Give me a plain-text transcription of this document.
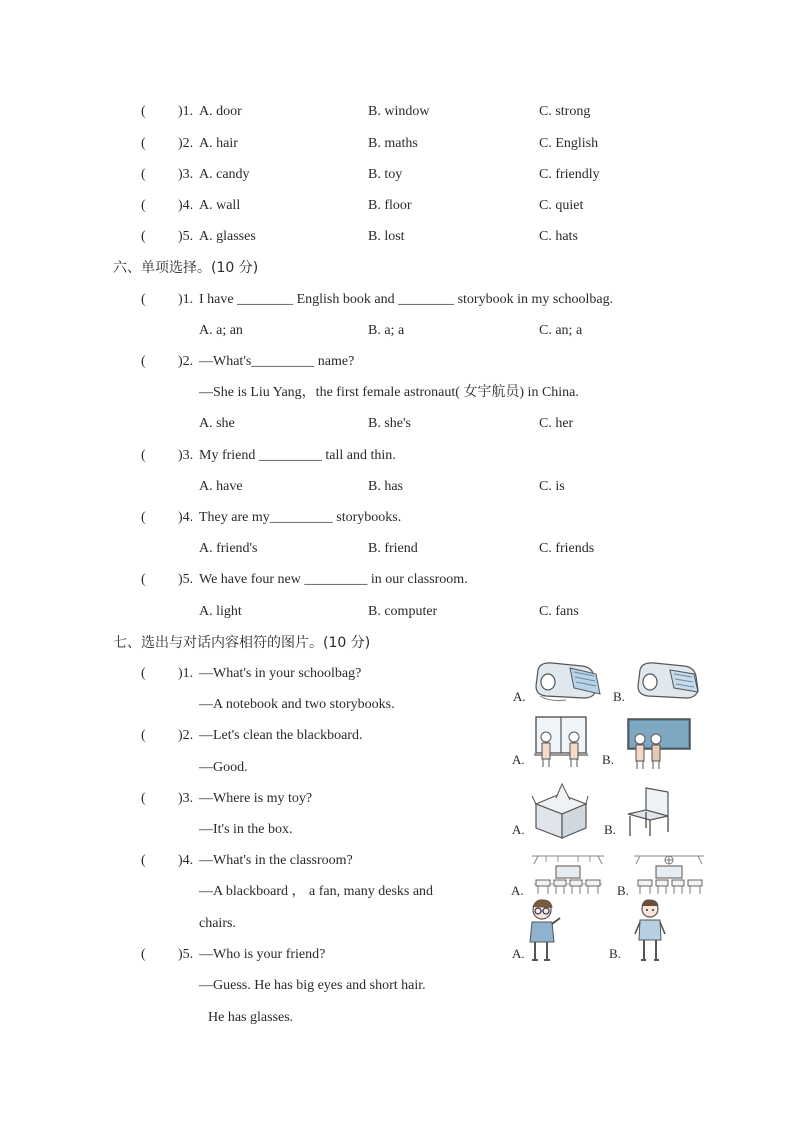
( )1. A. door	B. window	C. strong
( )2. A. hair	B. maths	C. English
( )3. A. candy	B. toy	C. friendly
( )4. A. wall	B. floor	C. quiet
( )5. A. glasses	B. lost	C. hats
六、单项选择。(10 分)
( )1. I have ________ English book and ________ storybook in my schoolbag.
A. a; an	B. a; a	C. an; a
( )2. —What's_________ name?
—She is Liu Yang，the first female astronaut( 女宇航员) in China.
A. she	B. she's	C. her
( )3. My friend _________ tall and thin.
A. have	B. has	C. is
( )4. They are my_________ storybooks.
A. friend's	B. friend	C. friends
( )5. We have four new _________ in our classroom.
A. light	B. computer	C. fans
七、选出与对话内容相符的图片。(10 分)
( )1. —What's in your schoolbag?
—A notebook and two storybooks.
A.	B.
( )2. —Let's clean the blackboard.
—Good.
A.	B.
( )3. —Where is my toy?
—It's in the box.	A.	B.
( )4. —What's in the classroom?
—A blackboard ， a fan, many desks and
chairs.
A.	B.
( )5. —Who is your friend?
—Guess. He has big eyes and short hair.
He has glasses.
A.	B.
